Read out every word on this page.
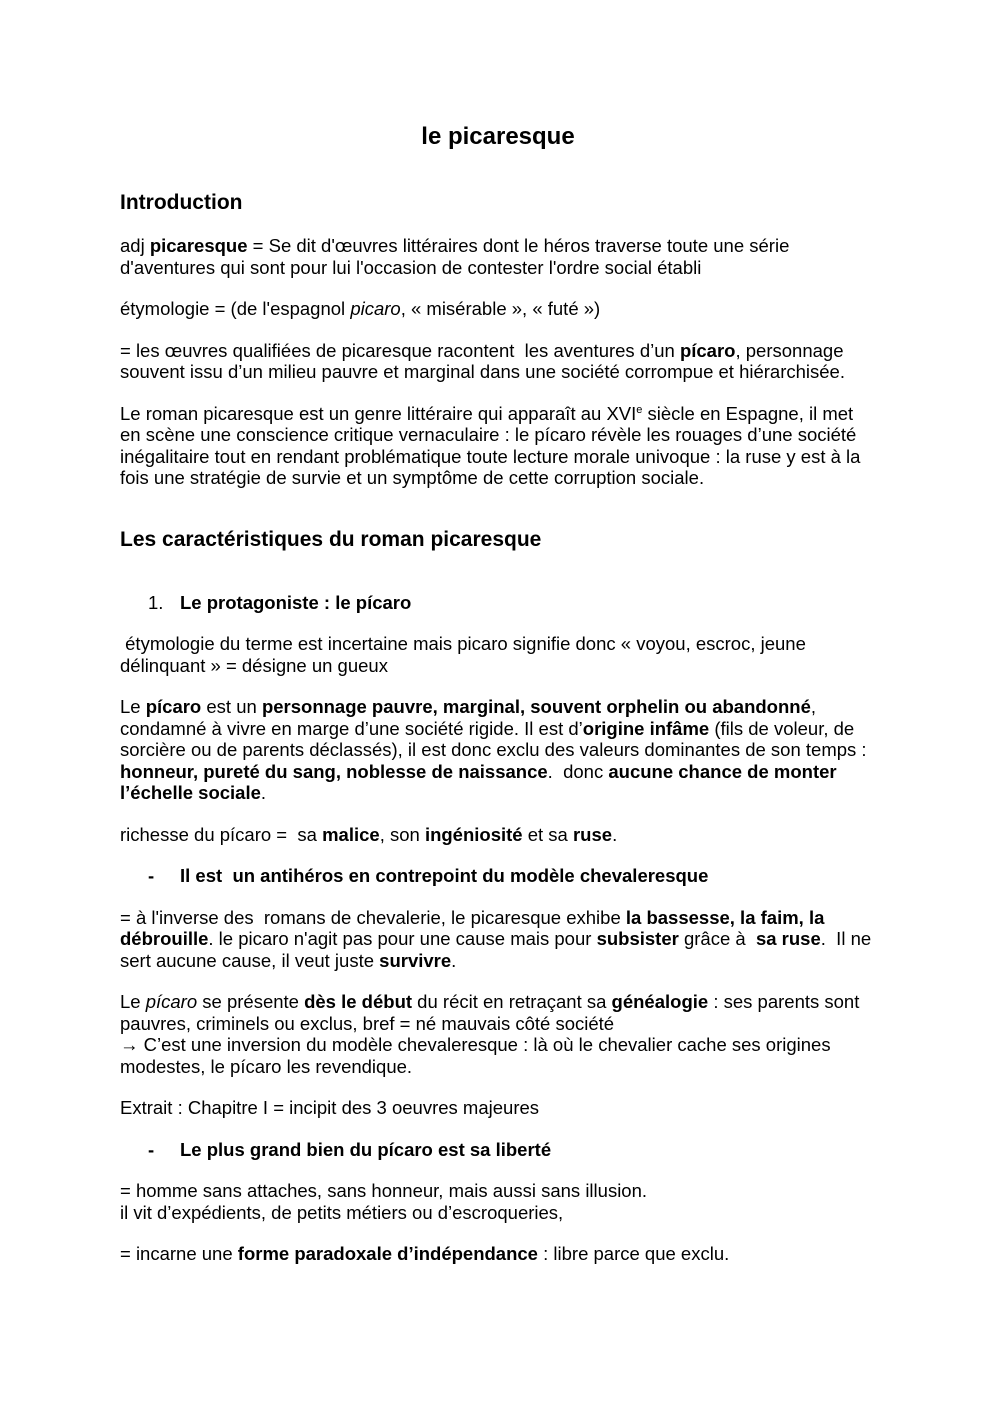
le picaresque
Introduction

adj picaresque = Se dit d'œuvres littéraires dont le héros traverse toute une série d'aventures qui sont pour lui l'occasion de contester l'ordre social établi

étymologie = (de l'espagnol picaro, « misérable », « futé »)

= les œuvres qualifiées de picaresque racontent  les aventures d’un pícaro, personnage souvent issu d’un milieu pauvre et marginal dans une société corrompue et hiérarchisée.

Le roman picaresque est un genre littéraire qui apparaît au XVIe siècle en Espagne, il met en scène une conscience critique vernaculaire : le pícaro révèle les rouages d’une société inégalitaire tout en rendant problématique toute lecture morale univoque : la ruse y est à la fois une stratégie de survie et un symptôme de cette corruption sociale.

Les caractéristiques du roman picaresque
1. Le protagoniste : le pícaro

étymologie du terme est incertaine mais picaro signifie donc « voyou, escroc, jeune délinquant » = désigne un gueux

Le pícaro est un personnage pauvre, marginal, souvent orphelin ou abandonné, condamné à vivre en marge d’une société rigide. Il est d’origine infâme (fils de voleur, de sorcière ou de parents déclassés), il est donc exclu des valeurs dominantes de son temps : honneur, pureté du sang, noblesse de naissance.  donc aucune chance de monter l’échelle sociale.

richesse du pícaro =  sa malice, son ingéniosité et sa ruse.

-	Il est  un antihéros en contrepoint du modèle chevaleresque

= à l'inverse des  romans de chevalerie, le picaresque exhibe la bassesse, la faim, la débrouille. le picaro n'agit pas pour une cause mais pour subsister grâce à  sa ruse.  Il ne sert aucune cause, il veut juste survivre.

Le pícaro se présente dès le début du récit en retraçant sa généalogie : ses parents sont pauvres, criminels ou exclus, bref = né mauvais côté société
→ C’est une inversion du modèle chevaleresque : là où le chevalier cache ses origines modestes, le pícaro les revendique.

Extrait : Chapitre I = incipit des 3 oeuvres majeures

-	Le plus grand bien du pícaro est sa liberté

= homme sans attaches, sans honneur, mais aussi sans illusion.
il vit d’expédients, de petits métiers ou d’escroqueries,

= incarne une forme paradoxale d’indépendance : libre parce que exclu.
